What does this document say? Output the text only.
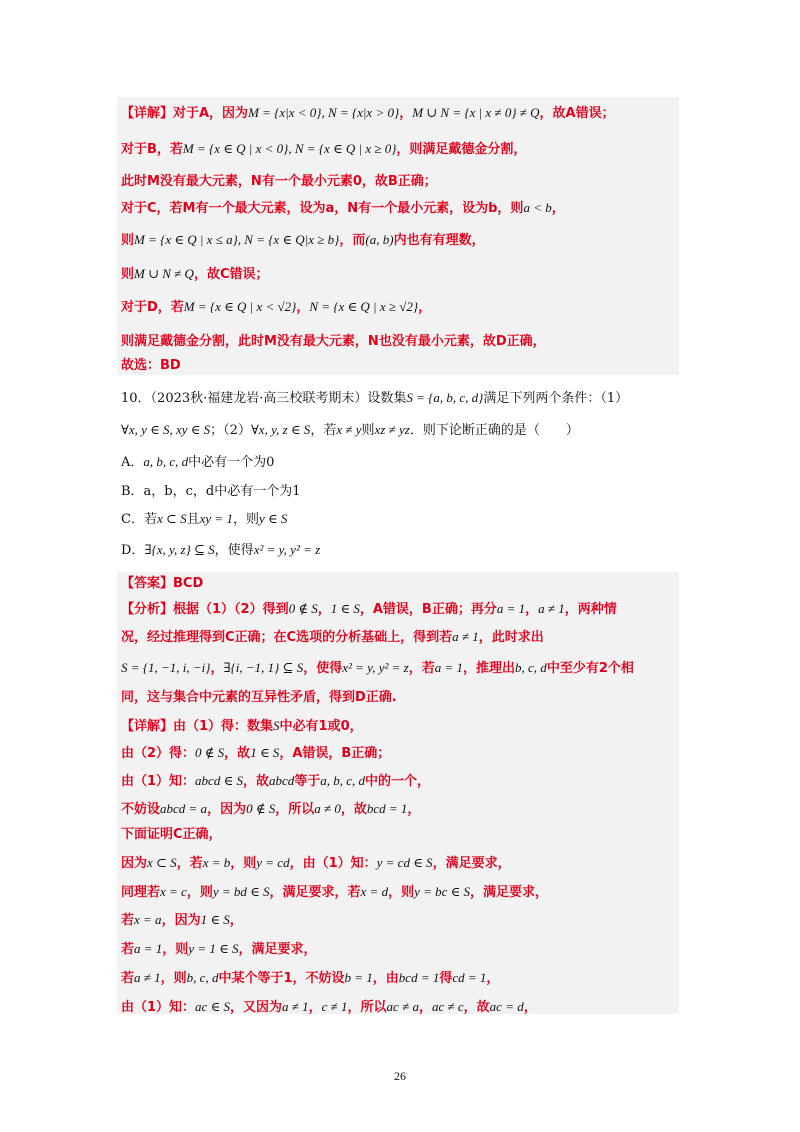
【详解】对于A，因为M = {x|x < 0}, N = {x|x > 0}，M ∪ N = {x | x ≠ 0} ≠ Q，故A错误；
对于B，若M = {x ∈ Q | x < 0}, N = {x ∈ Q | x ≥ 0}，则满足戴德金分割，
此时M没有最大元素，N有一个最小元素0，故B正确；
对于C，若M有一个最大元素，设为a，N有一个最小元素，设为b，则a < b，
则M = {x ∈ Q | x ≤ a}, N = {x ∈ Q|x ≥ b}，而(a, b)内也有有理数，
则M ∪ N ≠ Q，故C错误；
对于D，若M = {x ∈ Q | x < √2}，N = {x ∈ Q | x ≥ √2}，
则满足戴德金分割，此时M没有最大元素，N也没有最小元素，故D正确，
故选：BD
10．（2023秋·福建龙岩·高三校联考期末）设数集S = {a, b, c, d}满足下列两个条件：（1）
∀x, y ∈ S, xy ∈ S；（2）∀x, y, z ∈ S，若x ≠ y则xz ≠ yz．则下论断正确的是（　　）
A．a, b, c, d中必有一个为0
B．a，b，c，d中必有一个为1
C．若x ⊂ S且xy = 1，则y ∈ S
D．∃{x, y, z} ⊆ S，使得x² = y, y² = z
【答案】BCD
【分析】根据（1）（2）得到0 ∉ S，1 ∈ S，A错误，B正确；再分a = 1，a ≠ 1，两种情
况，经过推理得到C正确；在C选项的分析基础上，得到若a ≠ 1，此时求出
S = {1, −1, i, −i}，∃{i, −1, 1} ⊆ S，使得x² = y, y² = z，若a = 1，推理出b, c, d中至少有2个相
同，这与集合中元素的互异性矛盾，得到D正确.
【详解】由（1）得：数集S中必有1或0，
由（2）得：0 ∉ S，故1 ∈ S，A错误，B正确；
由（1）知：abcd ∈ S，故abcd等于a, b, c, d中的一个，
不妨设abcd = a，因为0 ∉ S，所以a ≠ 0，故bcd = 1，
下面证明C正确，
因为x ⊂ S，若x = b，则y = cd，由（1）知：y = cd ∈ S，满足要求，
同理若x = c，则y = bd ∈ S，满足要求，若x = d，则y = bc ∈ S，满足要求，
若x = a，因为1 ∈ S，
若a = 1，则y = 1 ∈ S，满足要求，
若a ≠ 1，则b, c, d中某个等于1，不妨设b = 1，由bcd = 1得cd = 1，
由（1）知：ac ∈ S，又因为a ≠ 1，c ≠ 1，所以ac ≠ a，ac ≠ c，故ac = d，
26
